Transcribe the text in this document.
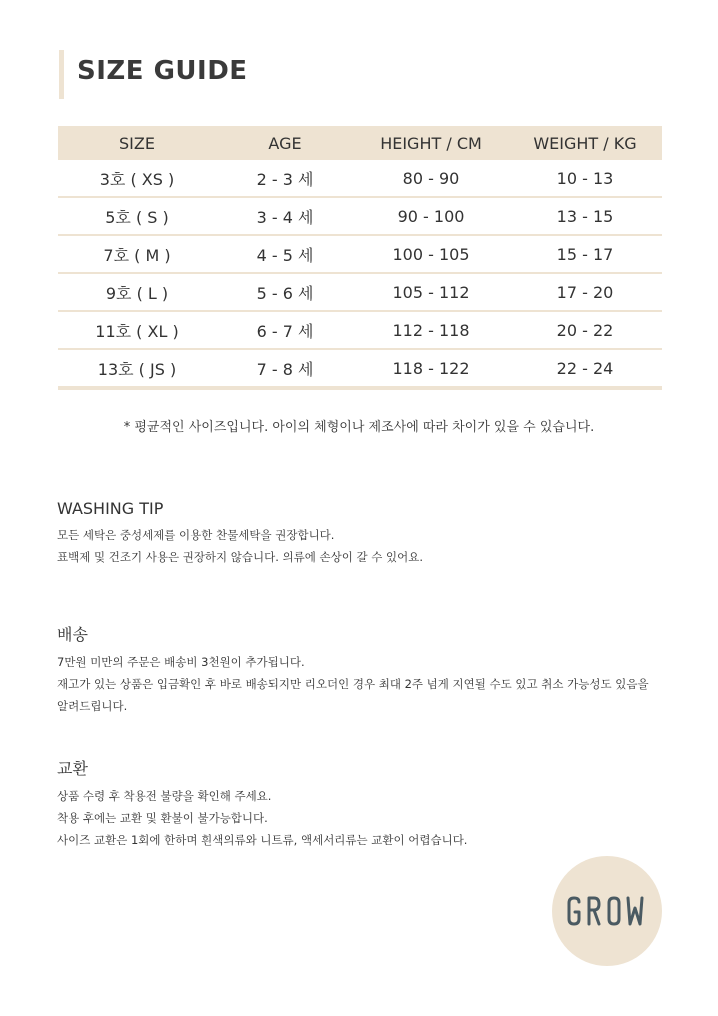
SIZE GUIDE
SIZE	AGE	HEIGHT / CM	WEIGHT / KG
3호 ( XS )	2 - 3 세	80 - 90	10 - 13
5호 ( S )	3 - 4 세	90 - 100	13 - 15
7호 ( M )	4 - 5 세	100 - 105	15 - 17
9호 ( L )	5 - 6 세	105 - 112	17 - 20
11호 ( XL )	6 - 7 세	112 - 118	20 - 22
13호 ( JS )	7 - 8 세	118 - 122	22 - 24
* 평균적인 사이즈입니다. 아이의 체형이나 제조사에 따라 차이가 있을 수 있습니다.
WASHING TIP

모든 세탁은 중성세제를 이용한 찬물세탁을 권장합니다.

표백제 및 건조기 사용은 권장하지 않습니다. 의류에 손상이 갈 수 있어요.

배송

7만원 미만의 주문은 배송비 3천원이 추가됩니다.

재고가 있는 상품은 입금확인 후 바로 배송되지만 리오더인 경우 최대 2주 넘게 지연될 수도 있고 취소 가능성도 있음을

알려드립니다.

교환

상품 수령 후 착용전 불량을 확인해 주세요.

착용 후에는 교환 및 환불이 불가능합니다.

사이즈 교환은 1회에 한하며 흰색의류와 니트류, 액세서리류는 교환이 어렵습니다.
